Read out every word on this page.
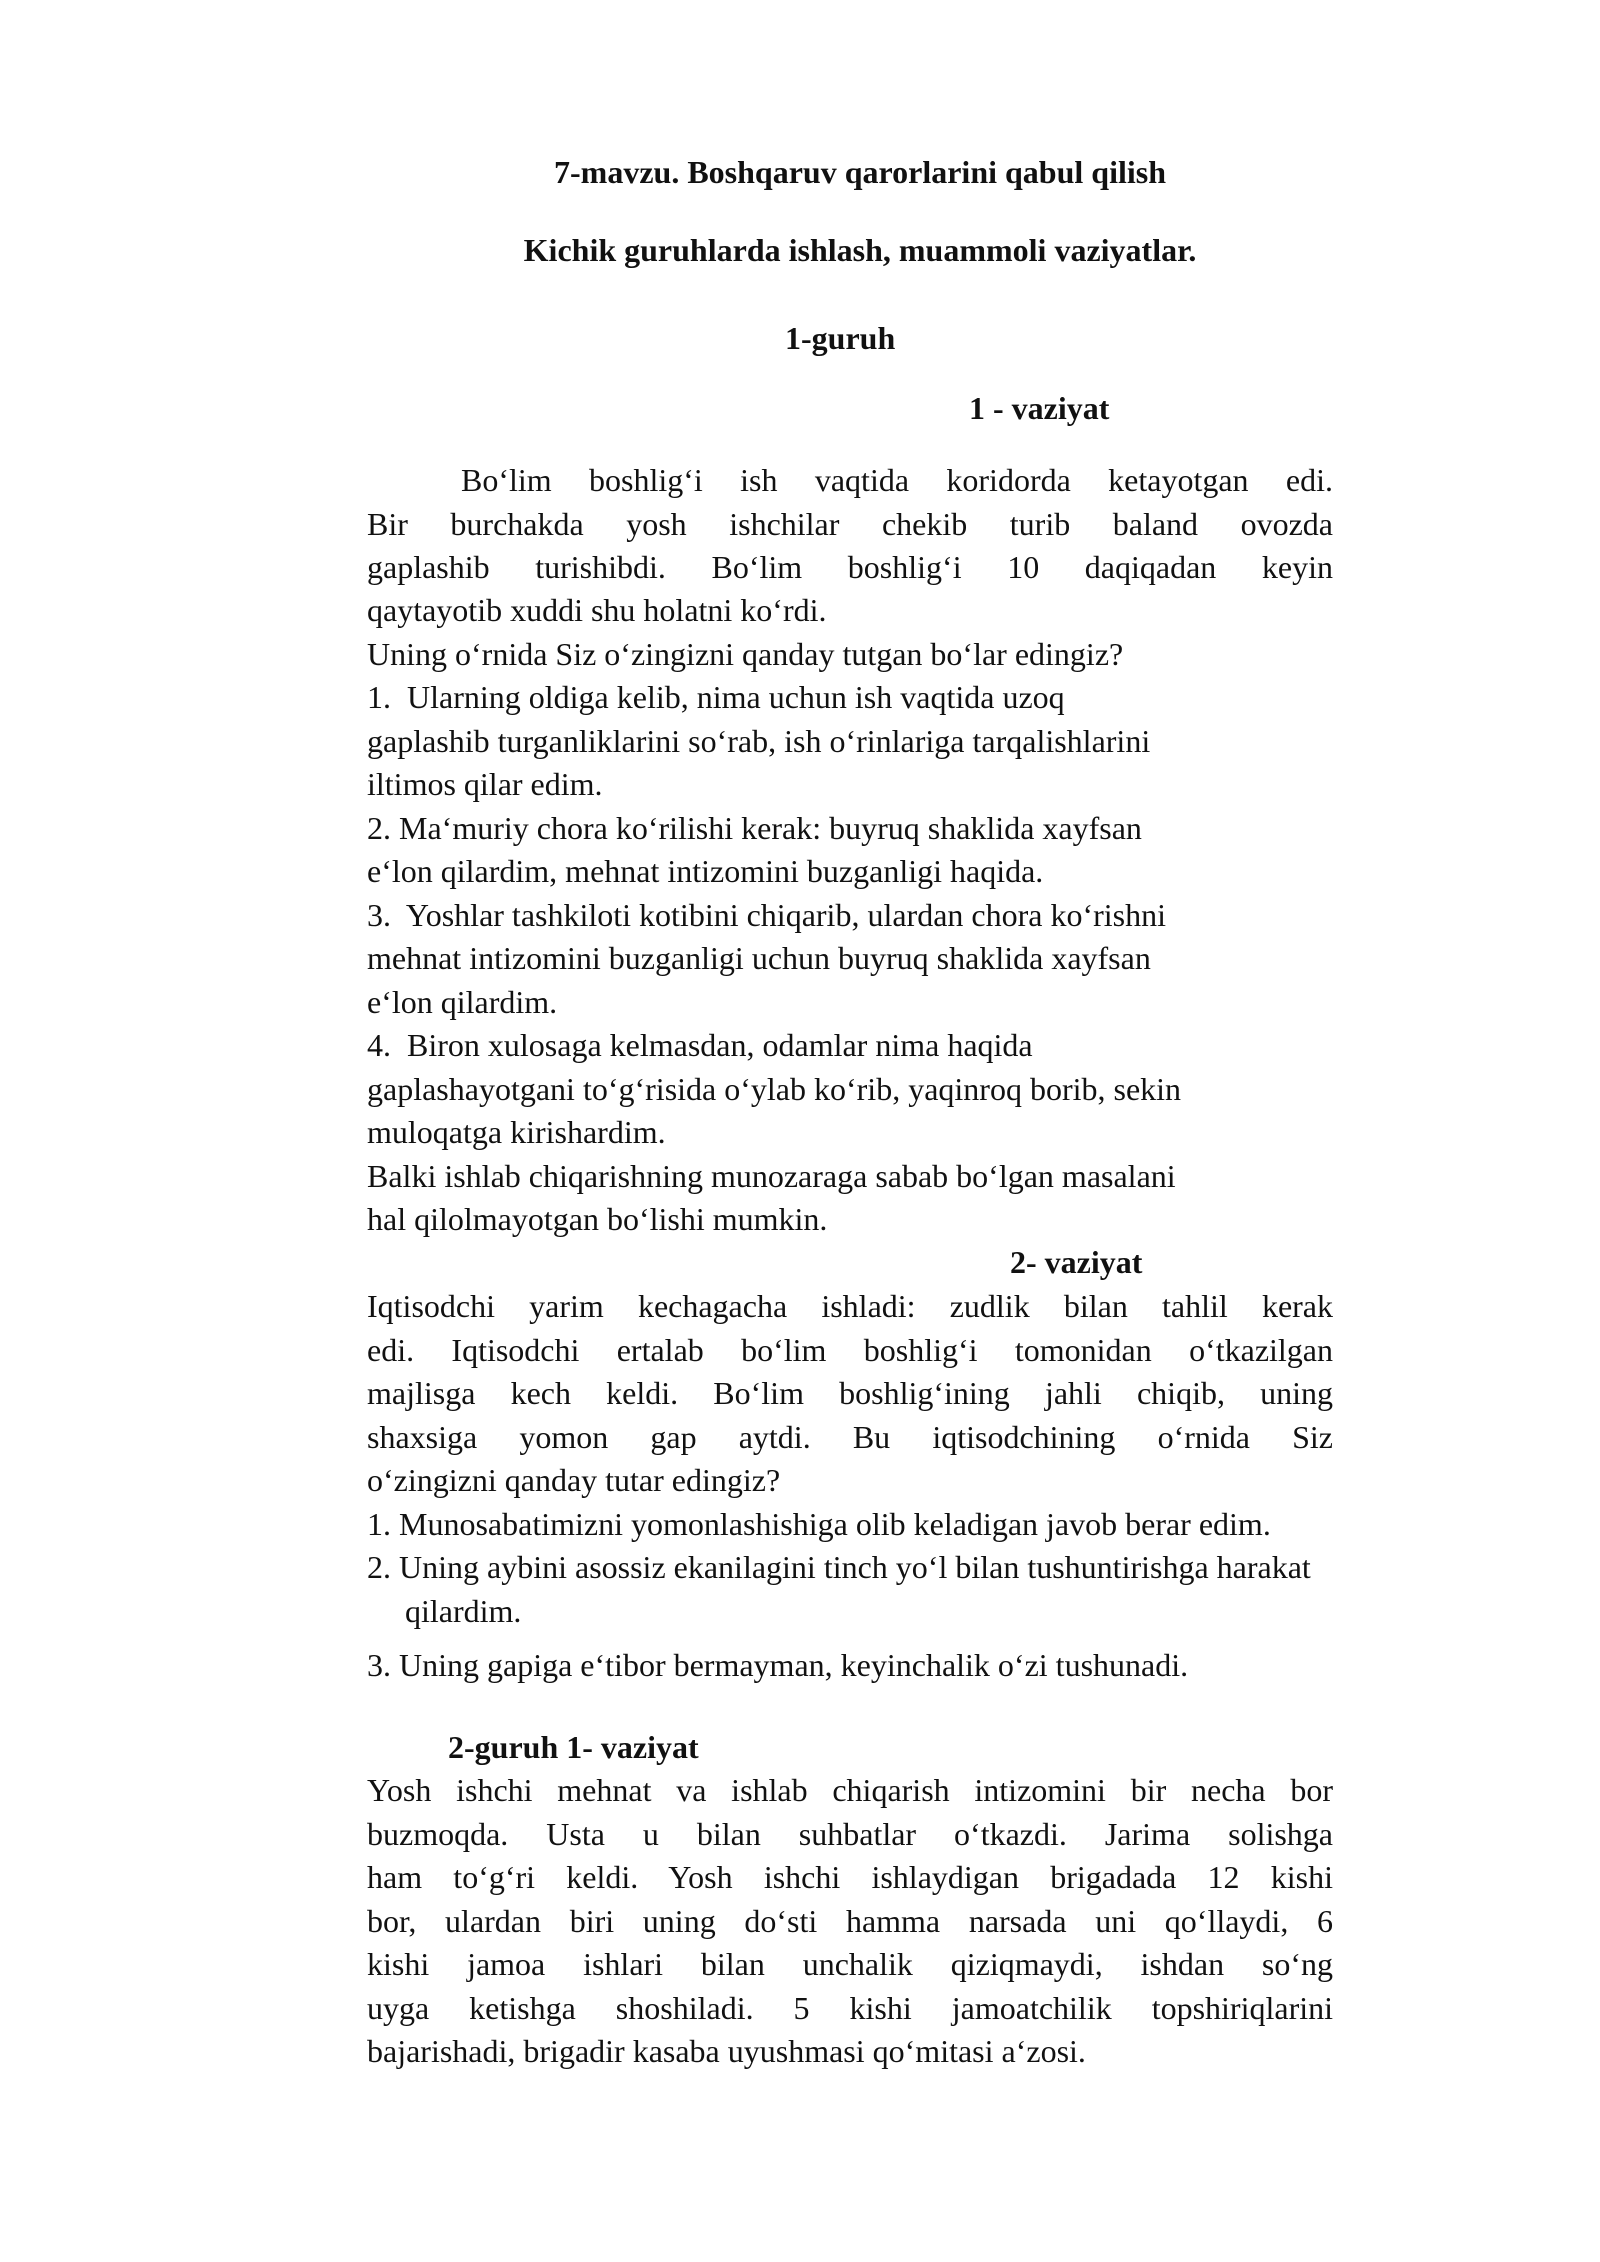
7-mavzu. Boshqaruv qarorlarini qabul qilish

Kichik guruhlarda ishlash, muammoli vaziyatlar.

1-guruh

1 - vaziyat

Bo‘lim boshlig‘i ish vaqtida koridorda ketayotgan edi.

Bir burchakda yosh ishchilar chekib turib baland ovozda

gaplashib turishibdi. Bo‘lim boshlig‘i 10 daqiqadan keyin

qaytayotib xuddi shu holatni ko‘rdi.

Uning o‘rnida Siz o‘zingizni qanday tutgan bo‘lar edingiz?

1.  Ularning oldiga kelib, nima uchun ish vaqtida uzoq

gaplashib turganliklarini so‘rab, ish o‘rinlariga tarqalishlarini

iltimos qilar edim.

2. Ma‘muriy chora ko‘rilishi kerak: buyruq shaklida xayfsan

e‘lon qilardim, mehnat intizomini buzganligi haqida.

3.  Yoshlar tashkiloti kotibini chiqarib, ulardan chora ko‘rishni

mehnat intizomini buzganligi uchun buyruq shaklida xayfsan

e‘lon qilardim.

4.  Biron xulosaga kelmasdan, odamlar nima haqida

gaplashayotgani to‘g‘risida o‘ylab ko‘rib, yaqinroq borib, sekin

muloqatga kirishardim.

Balki ishlab chiqarishning munozaraga sabab bo‘lgan masalani

hal qilolmayotgan bo‘lishi mumkin.

2- vaziyat

Iqtisodchi yarim kechagacha ishladi: zudlik bilan tahlil kerak

edi. Iqtisodchi ertalab bo‘lim boshlig‘i tomonidan o‘tkazilgan

majlisga kech keldi. Bo‘lim boshlig‘ining jahli chiqib, uning

shaxsiga yomon gap aytdi. Bu iqtisodchining o‘rnida Siz

o‘zingizni qanday tutar edingiz?

1. Munosabatimizni yomonlashishiga olib keladigan javob berar edim.

2. Uning aybini asossiz ekanilagini tinch yo‘l bilan tushuntirishga harakat

qilardim.

3. Uning gapiga e‘tibor bermayman, keyinchalik o‘zi tushunadi.

2-guruh 1- vaziyat

Yosh ishchi mehnat va ishlab chiqarish intizomini bir necha bor

buzmoqda. Usta u bilan suhbatlar o‘tkazdi. Jarima solishga

ham to‘g‘ri keldi. Yosh ishchi ishlaydigan brigadada 12 kishi

bor, ulardan biri uning do‘sti hamma narsada uni qo‘llaydi, 6

kishi jamoa ishlari bilan unchalik qiziqmaydi, ishdan so‘ng

uyga ketishga shoshiladi. 5 kishi jamoatchilik topshiriqlarini

bajarishadi, brigadir kasaba uyushmasi qo‘mitasi a‘zosi.
